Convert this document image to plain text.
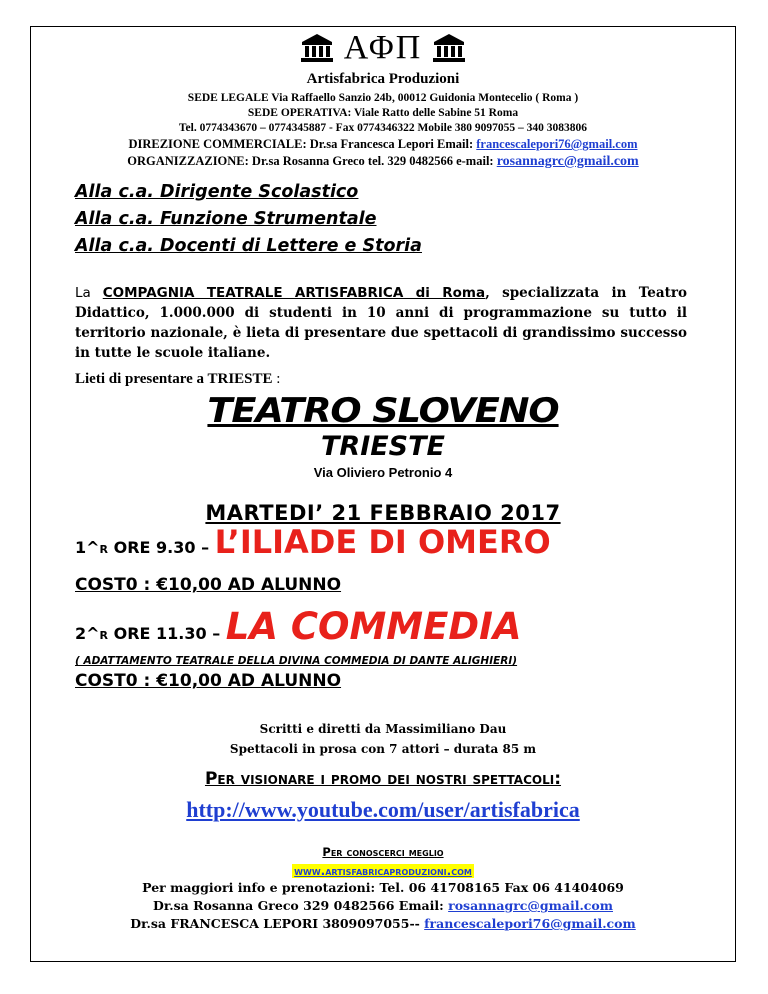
ΑΦΠ
Artisfabrica Produzioni
SEDE LEGALE Via Raffaello Sanzio 24b, 00012 Guidonia Montecelio ( Roma )
SEDE OPERATIVA: Viale Ratto delle Sabine 51 Roma
Tel. 0774343670 – 0774345887 - Fax 0774346322 Mobile 380 9097055 – 340 3083806
DIREZIONE COMMERCIALE: Dr.sa Francesca Lepori Email: francescalepori76@gmail.com
ORGANIZZAZIONE: Dr.sa Rosanna Greco tel. 329 0482566 e-mail: rosannagrc@gmail.com
Alla c.a. Dirigente Scolastico
Alla c.a. Funzione Strumentale
Alla c.a. Docenti di Lettere e Storia
La COMPAGNIA TEATRALE ARTISFABRICA di Roma, specializzata in Teatro Didattico, 1.000.000 di studenti in 10 anni di programmazione su tutto il territorio nazionale, è lieta di presentare due spettacoli di grandissimo successo in tutte le scuole italiane.
Lieti di presentare a TRIESTE :
TEATRO SLOVENO
TRIESTE
Via Oliviero Petronio 4
MARTEDI’ 21 FEBBRAIO 2017
1^R ORE 9.30 – L’ILIADE DI OMERO
COST0 : €10,00 AD ALUNNO
2^R ORE 11.30 – LA COMMEDIA
( ADATTAMENTO TEATRALE DELLA DIVINA COMMEDIA DI DANTE ALIGHIERI)
COST0 : €10,00 AD ALUNNO
Scritti e diretti da Massimiliano Dau
Spettacoli in prosa con 7 attori – durata 85 m
Per visionare i promo dei nostri spettacoli:
http://www.youtube.com/user/artisfabrica
Per conoscerci meglio
www.artisfabricaproduzioni.com
Per maggiori info e prenotazioni: Tel. 06 41708165 Fax 06 41404069
Dr.sa Rosanna Greco 329 0482566 Email: rosannagrc@gmail.com
Dr.sa FRANCESCA LEPORI 3809097055-- francescalepori76@gmail.com
